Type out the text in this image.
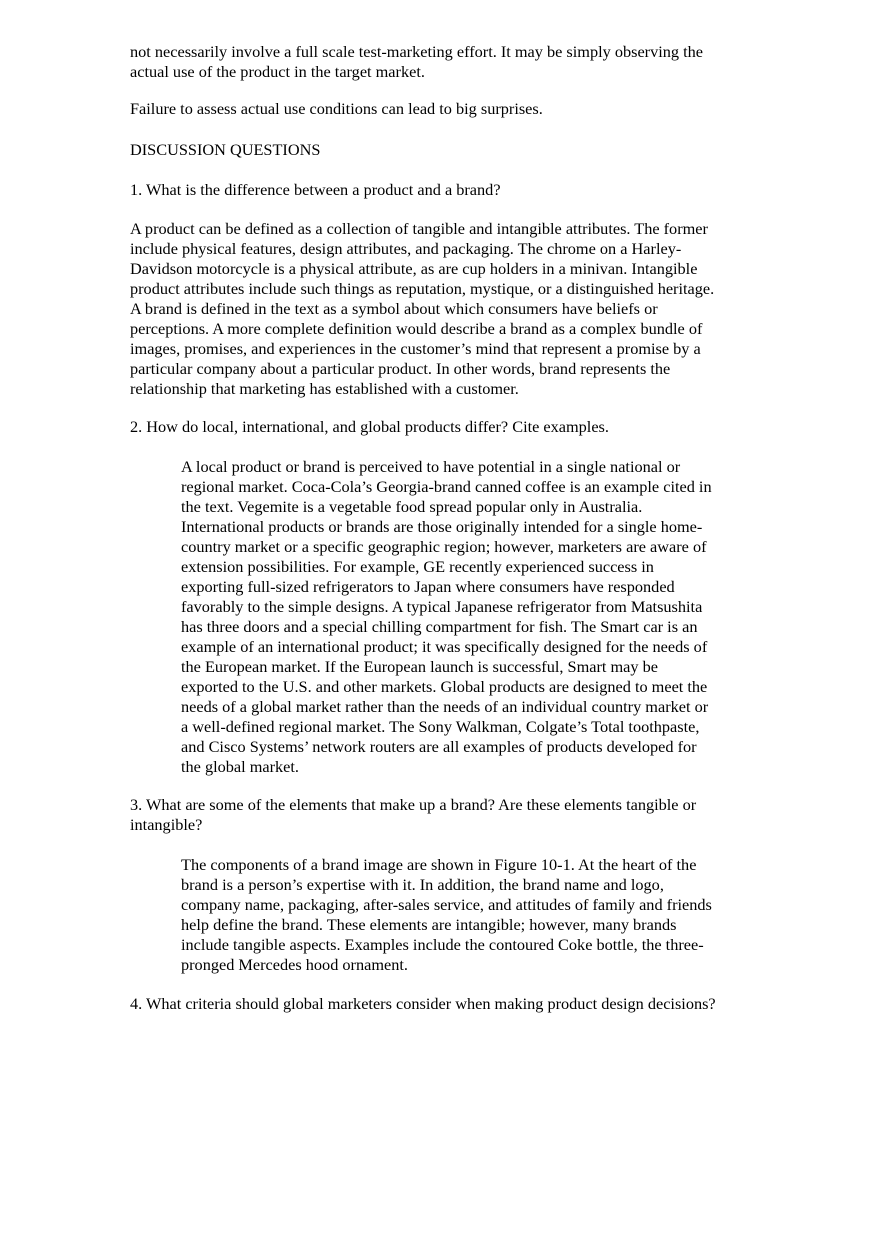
not necessarily involve a full scale test-marketing effort. It may be simply observing the
actual use of the product in the target market.

Failure to assess actual use conditions can lead to big surprises.

DISCUSSION QUESTIONS

1. What is the difference between a product and a brand?

A product can be defined as a collection of tangible and intangible attributes. The former
include physical features, design attributes, and packaging. The chrome on a Harley-
Davidson motorcycle is a physical attribute, as are cup holders in a minivan. Intangible
product attributes include such things as reputation, mystique, or a distinguished heritage.
A brand is defined in the text as a symbol about which consumers have beliefs or
perceptions. A more complete definition would describe a brand as a complex bundle of
images, promises, and experiences in the customer’s mind that represent a promise by a
particular company about a particular product. In other words, brand represents the
relationship that marketing has established with a customer.

2. How do local, international, and global products differ? Cite examples.

A local product or brand is perceived to have potential in a single national or
regional market. Coca-Cola’s Georgia-brand canned coffee is an example cited in
the text. Vegemite is a vegetable food spread popular only in Australia.
International products or brands are those originally intended for a single home-
country market or a specific geographic region; however, marketers are aware of
extension possibilities. For example, GE recently experienced success in
exporting full-sized refrigerators to Japan where consumers have responded
favorably to the simple designs. A typical Japanese refrigerator from Matsushita
has three doors and a special chilling compartment for fish. The Smart car is an
example of an international product; it was specifically designed for the needs of
the European market. If the European launch is successful, Smart may be
exported to the U.S. and other markets. Global products are designed to meet the
needs of a global market rather than the needs of an individual country market or
a well-defined regional market. The Sony Walkman, Colgate’s Total toothpaste,
and Cisco Systems’ network routers are all examples of products developed for
the global market.

3. What are some of the elements that make up a brand? Are these elements tangible or
intangible?

The components of a brand image are shown in Figure 10-1. At the heart of the
brand is a person’s expertise with it. In addition, the brand name and logo,
company name, packaging, after-sales service, and attitudes of family and friends
help define the brand. These elements are intangible; however, many brands
include tangible aspects. Examples include the contoured Coke bottle, the three-
pronged Mercedes hood ornament.

4. What criteria should global marketers consider when making product design decisions?
